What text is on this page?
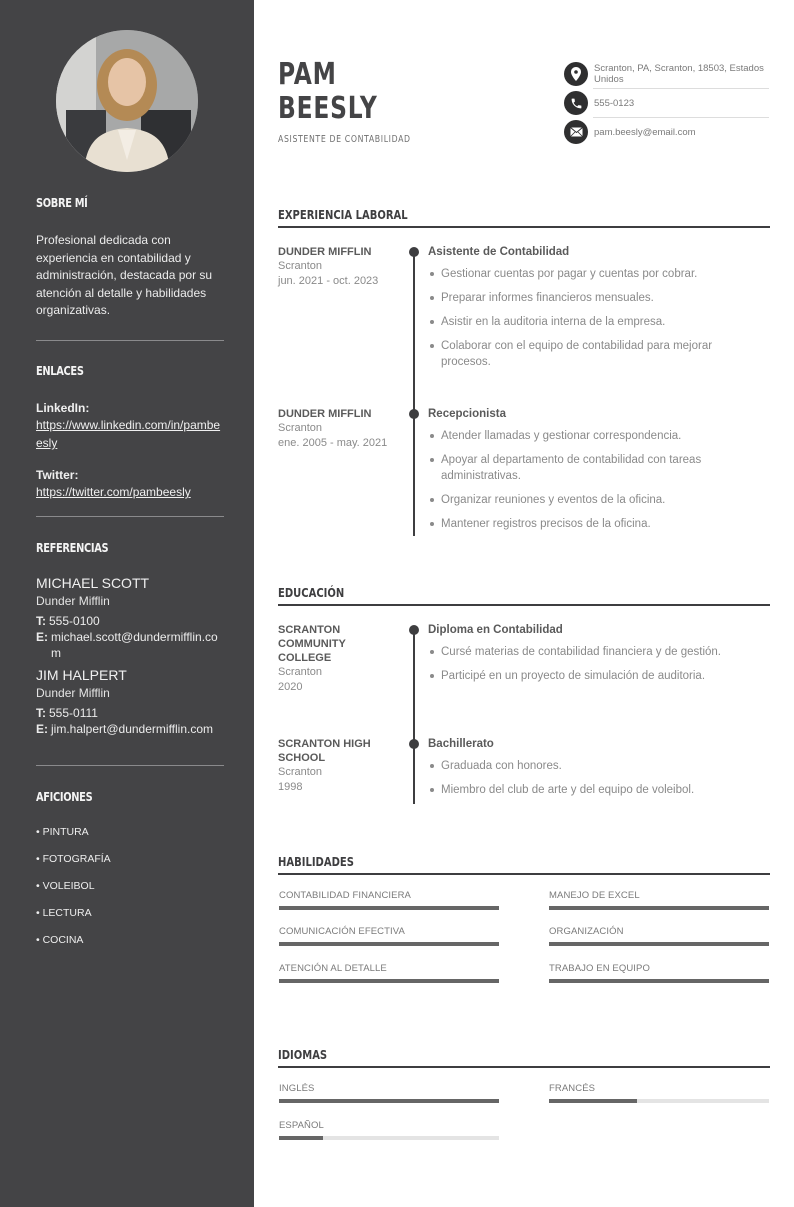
SOBRE MÍ

Profesional dedicada con experiencia en contabilidad y administración, destacada por su atención al detalle y habilidades organizativas.

ENLACES
LinkedIn:
https://www.linkedin.com/in/pambeesly
Twitter:
https://twitter.com/pambeesly
REFERENCIAS
MICHAEL SCOTT
Dunder Mifflin
T: 555-0100
E: michael.scott@dundermifflin.com
JIM HALPERT
Dunder Mifflin
T: 555-0111
E: jim.halpert@dundermifflin.com
AFICIONES
• PINTURA
• FOTOGRAFÍA
• VOLEIBOL
• LECTURA
• COCINA
PAM
BEESLY
ASISTENTE DE CONTABILIDAD
Scranton, PA, Scranton, 18503, Estados Unidos
555-0123
pam.beesly@email.com
EXPERIENCIA LABORAL
DUNDER MIFFLIN
Scranton
jun. 2021 - oct. 2023
Asistente de Contabilidad
Gestionar cuentas por pagar y cuentas por cobrar.
Preparar informes financieros mensuales.
Asistir en la auditoria interna de la empresa.
Colaborar con el equipo de contabilidad para mejorar procesos.
DUNDER MIFFLIN
Scranton
ene. 2005 - may. 2021
Recepcionista
Atender llamadas y gestionar correspondencia.
Apoyar al departamento de contabilidad con tareas administrativas.
Organizar reuniones y eventos de la oficina.
Mantener registros precisos de la oficina.
EDUCACIÓN
SCRANTON COMMUNITY COLLEGE
Scranton
2020
Diploma en Contabilidad
Cursé materias de contabilidad financiera y de gestión.
Participé en un proyecto de simulación de auditoria.
SCRANTON HIGH SCHOOL
Scranton
1998
Bachillerato
Graduada con honores.
Miembro del club de arte y del equipo de voleibol.
HABILIDADES
CONTABILIDAD FINANCIERA	MANEJO DE EXCEL
COMUNICACIÓN EFECTIVA	ORGANIZACIÓN
ATENCIÓN AL DETALLE	TRABAJO EN EQUIPO
IDIOMAS
INGLÉS	FRANCÉS
ESPAÑOL
